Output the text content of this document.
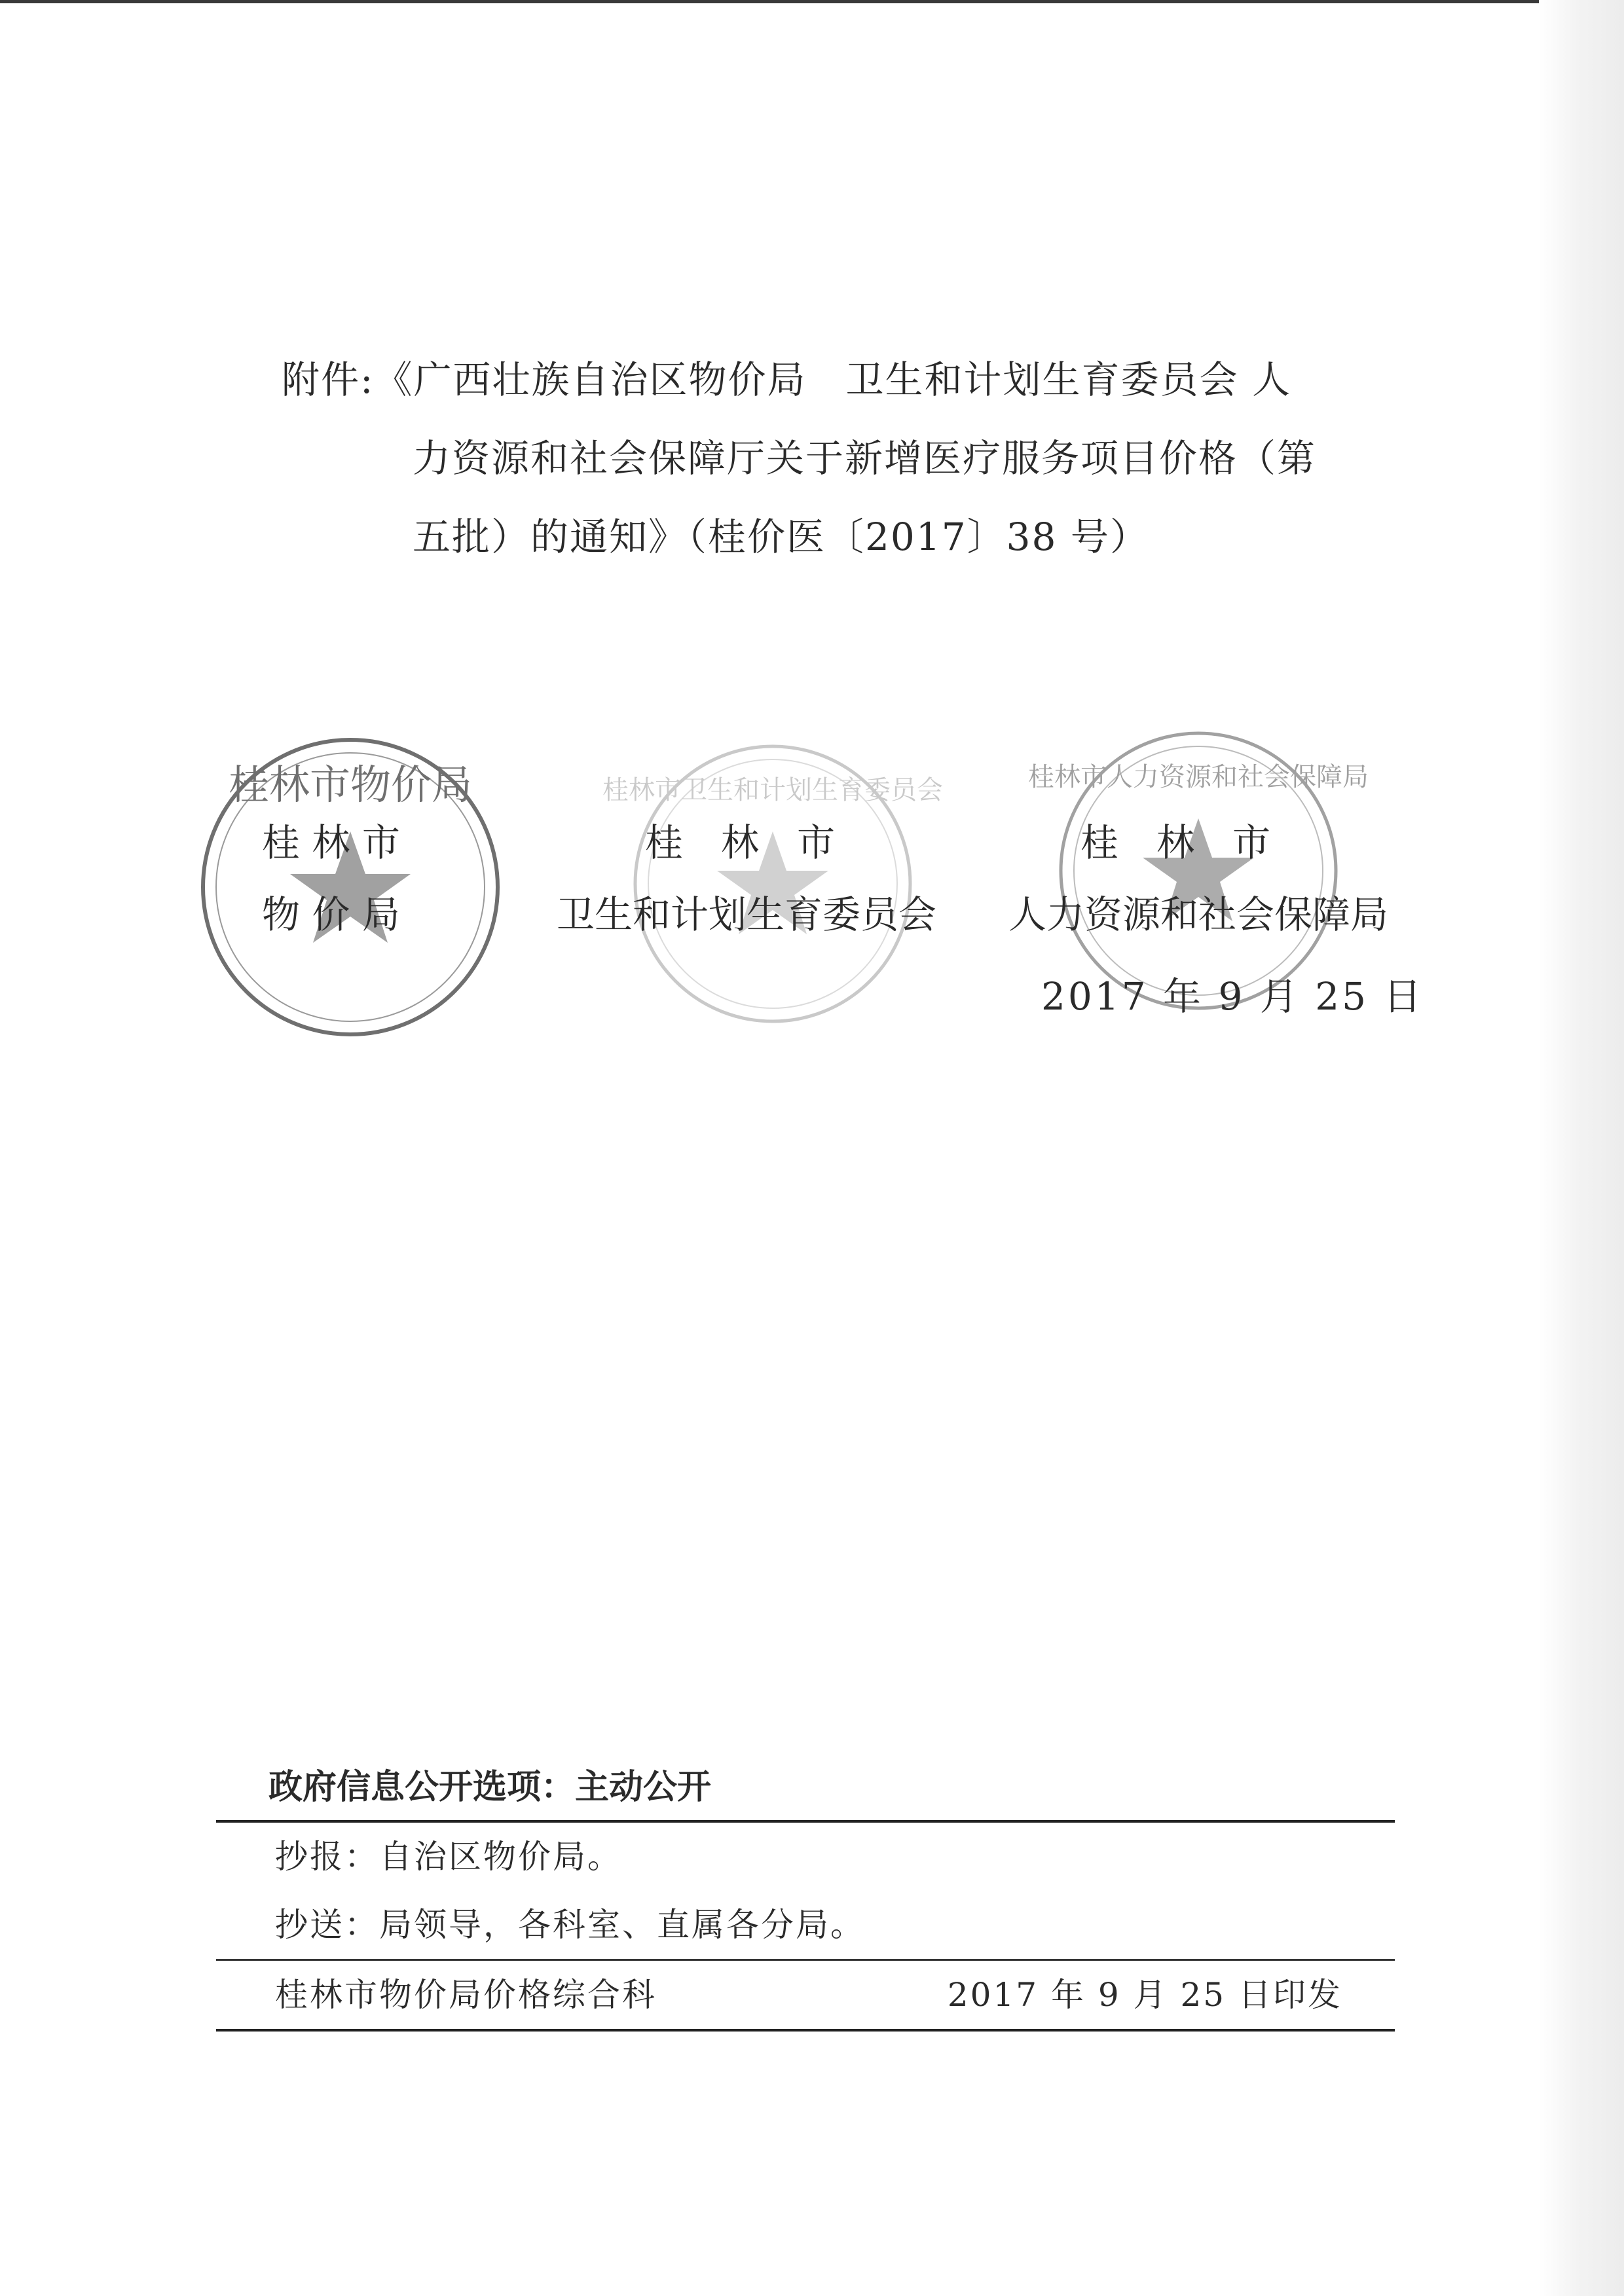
附件:《广西壮族自治区物价局　卫生和计划生育委员会 人
力资源和社会保障厅关于新增医疗服务项目价格（第
五批）的通知》（桂价医〔2017〕38 号）
桂林市物价局
桂 林 市
物 价 局
桂林市卫生和计划生育委员会
桂　林　市
卫生和计划生育委员会
桂林市人力资源和社会保障局
桂　林　市
人力资源和社会保障局
2017 年 9 月 25 日
政府信息公开选项：主动公开
抄报：自治区物价局。
抄送：局领导，各科室、直属各分局。
桂林市物价局价格综合科	2017 年 9 月 25 日印发
